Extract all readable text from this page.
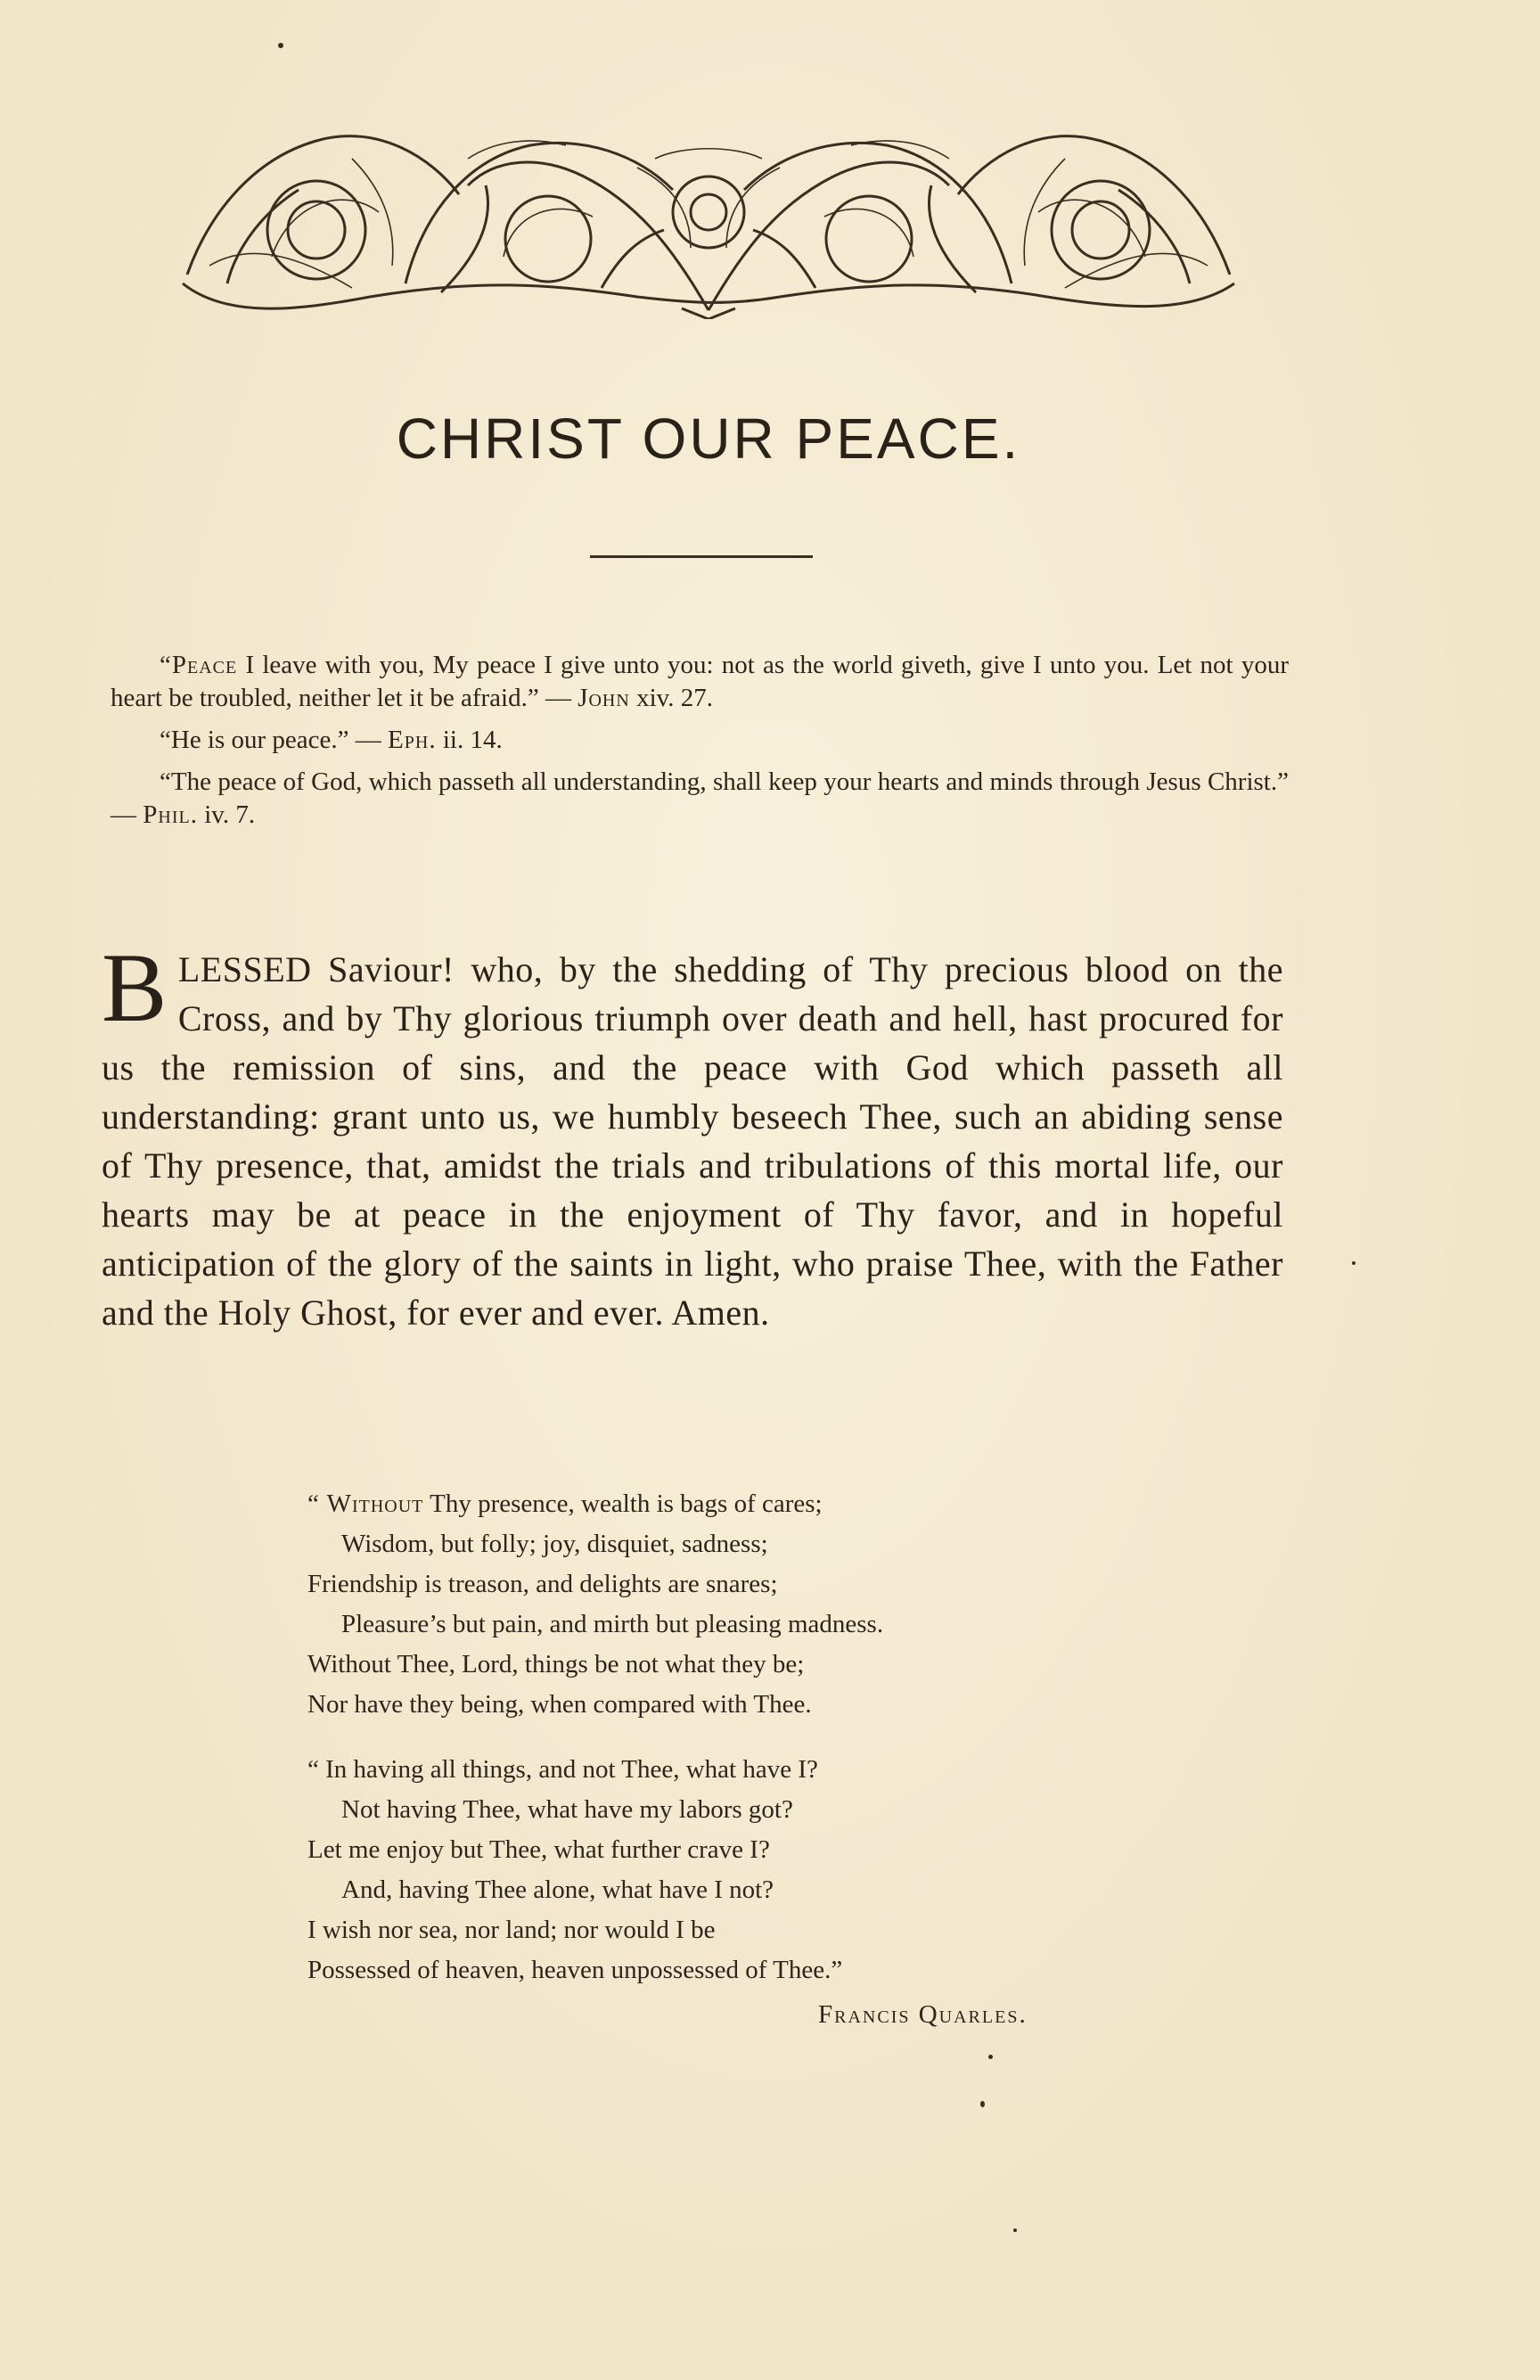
CHRIST OUR PEACE.

“Peace I leave with you, My peace I give unto you: not as the world giveth, give I unto you. Let not your heart be troubled, neither let it be afraid.” — John xiv. 27.

“He is our peace.” — Eph. ii. 14.

“The peace of God, which passeth all understanding, shall keep your hearts and minds through Jesus Christ.” — Phil. iv. 7.

BLESSED Saviour! who, by the shedding of Thy precious blood on the Cross, and by Thy glorious triumph over death and hell, hast procured for us the remission of sins, and the peace with God which passeth all understanding: grant unto us, we humbly beseech Thee, such an abiding sense of Thy presence, that, amidst the trials and tribulations of this mortal life, our hearts may be at peace in the enjoyment of Thy favor, and in hopeful anticipation of the glory of the saints in light, who praise Thee, with the Father and the Holy Ghost, for ever and ever. Amen.

“ Without Thy presence, wealth is bags of cares;
Wisdom, but folly; joy, disquiet, sadness;
Friendship is treason, and delights are snares;
Pleasure’s but pain, and mirth but pleasing madness.
Without Thee, Lord, things be not what they be;
Nor have they being, when compared with Thee.
“ In having all things, and not Thee, what have I?
Not having Thee, what have my labors got?
Let me enjoy but Thee, what further crave I?
And, having Thee alone, what have I not?
I wish nor sea, nor land; nor would I be
Possessed of heaven, heaven unpossessed of Thee.”
Francis Quarles.
